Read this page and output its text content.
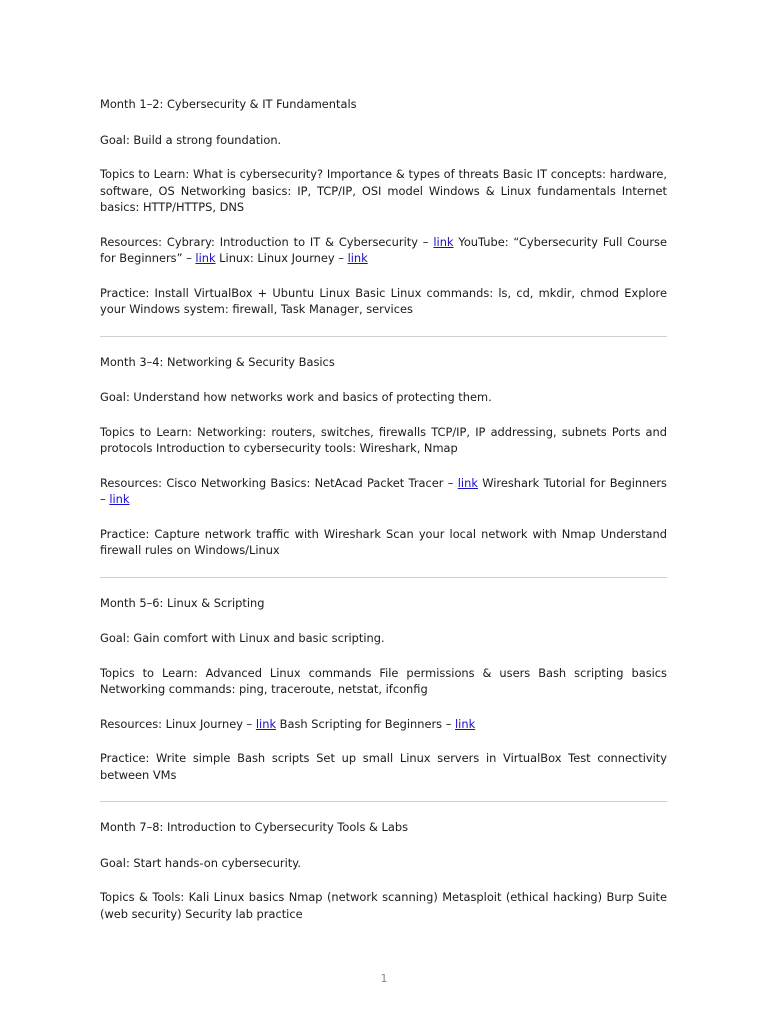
Month 1–2: Cybersecurity & IT Fundamentals

Goal: Build a strong foundation.

Topics to Learn: What is cybersecurity? Importance & types of threats Basic IT concepts: hardware, software, OS Networking basics: IP, TCP/IP, OSI model Windows & Linux fundamentals Internet basics: HTTP/HTTPS, DNS

Resources: Cybrary: Introduction to IT & Cybersecurity – link YouTube: “Cybersecurity Full Course for Beginners” – link Linux: Linux Journey – link

Practice: Install VirtualBox + Ubuntu Linux Basic Linux commands: ls, cd, mkdir, chmod Explore your Windows system: firewall, Task Manager, services

Month 3–4: Networking & Security Basics

Goal: Understand how networks work and basics of protecting them.

Topics to Learn: Networking: routers, switches, firewalls TCP/IP, IP addressing, subnets Ports and protocols Introduction to cybersecurity tools: Wireshark, Nmap

Resources: Cisco Networking Basics: NetAcad Packet Tracer – link Wireshark Tutorial for Beginners – link

Practice: Capture network traffic with Wireshark Scan your local network with Nmap Understand firewall rules on Windows/Linux

Month 5–6: Linux & Scripting

Goal: Gain comfort with Linux and basic scripting.

Topics to Learn: Advanced Linux commands File permissions & users Bash scripting basics Networking commands: ping, traceroute, netstat, ifconfig

Resources: Linux Journey – link Bash Scripting for Beginners – link

Practice: Write simple Bash scripts Set up small Linux servers in VirtualBox Test connectivity between VMs

Month 7–8: Introduction to Cybersecurity Tools & Labs

Goal: Start hands-on cybersecurity.

Topics & Tools: Kali Linux basics Nmap (network scanning) Metasploit (ethical hacking) Burp Suite (web security) Security lab practice

1
